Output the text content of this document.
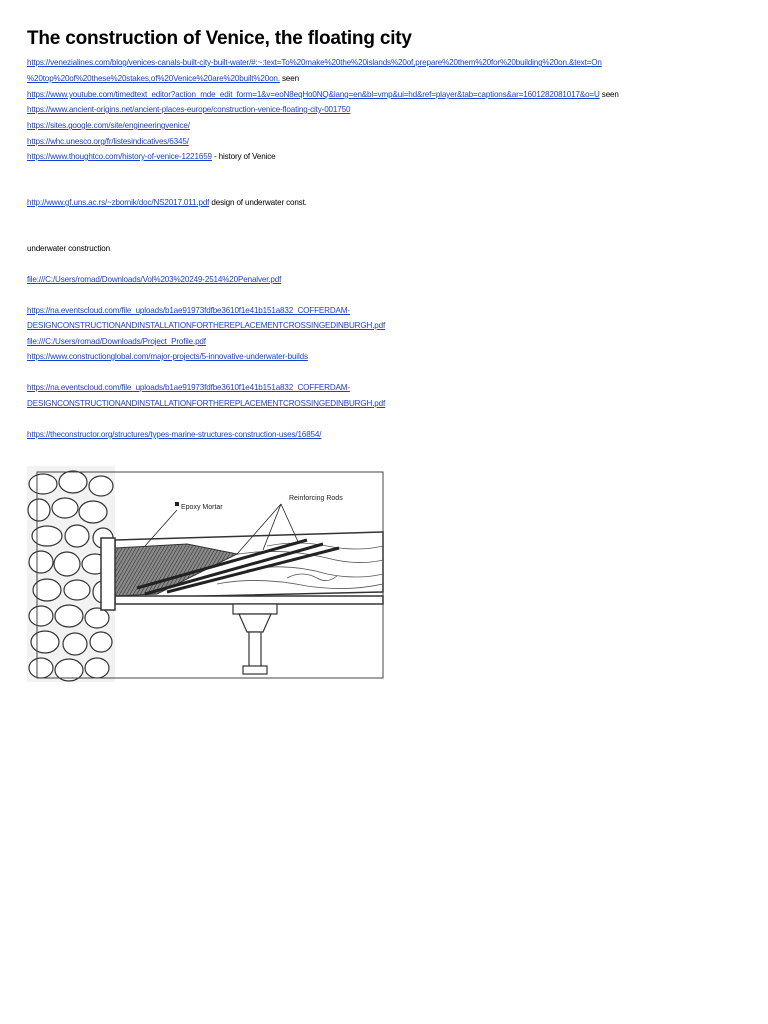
The construction of Venice, the floating city
https://venezialines.com/blog/venices-canals-built-city-built-water/#:~:text=To%20make%20the%20islands%20of,prepare%20them%20for%20building%20on.&text=On
%20top%20of%20these%20stakes,of%20Venice%20are%20built%20on. seen
https://www.youtube.com/timedtext_editor?action_mde_edit_form=1&v=eoN8eqHo0NQ&lang=en&bl=vmp&ui=hd&ref=player&tab=captions&ar=1601282081017&o=U seen
https://www.ancient-origins.net/ancient-places-europe/construction-venice-floating-city-001750
https://sites.google.com/site/engineeringvenice/
https://whc.unesco.org/fr/listesindicatives/6345/
https://www.thoughtco.com/history-of-venice-1221659 - history of Venice
http://www.gf.uns.ac.rs/~zbornik/doc/NS2017.011.pdf design of underwater const.
underwater construction
file:///C:/Users/romad/Downloads/Vol%203%20249-2514%20Penalver.pdf
https://na.eventscloud.com/file_uploads/b1ae91973fdfbe3610f1e41b151a832_COFFERDAM-
DESIGNCONSTRUCTIONANDINSTALLATIONFORTHEREPLACEMENTCROSSINGEDINBURGH.pdf
file:///C:/Users/romad/Downloads/Project_Profile.pdf
https://www.constructionglobal.com/major-projects/5-innovative-underwater-builds
https://na.eventscloud.com/file_uploads/b1ae91973fdfbe3610f1e41b151a832_COFFERDAM-
DESIGNCONSTRUCTIONANDINSTALLATIONFORTHEREPLACEMENTCROSSINGEDINBURGH.pdf
https://theconstructor.org/structures/types-marine-structures-construction-uses/16854/
Epoxy Mortar
Reinforcing Rods
